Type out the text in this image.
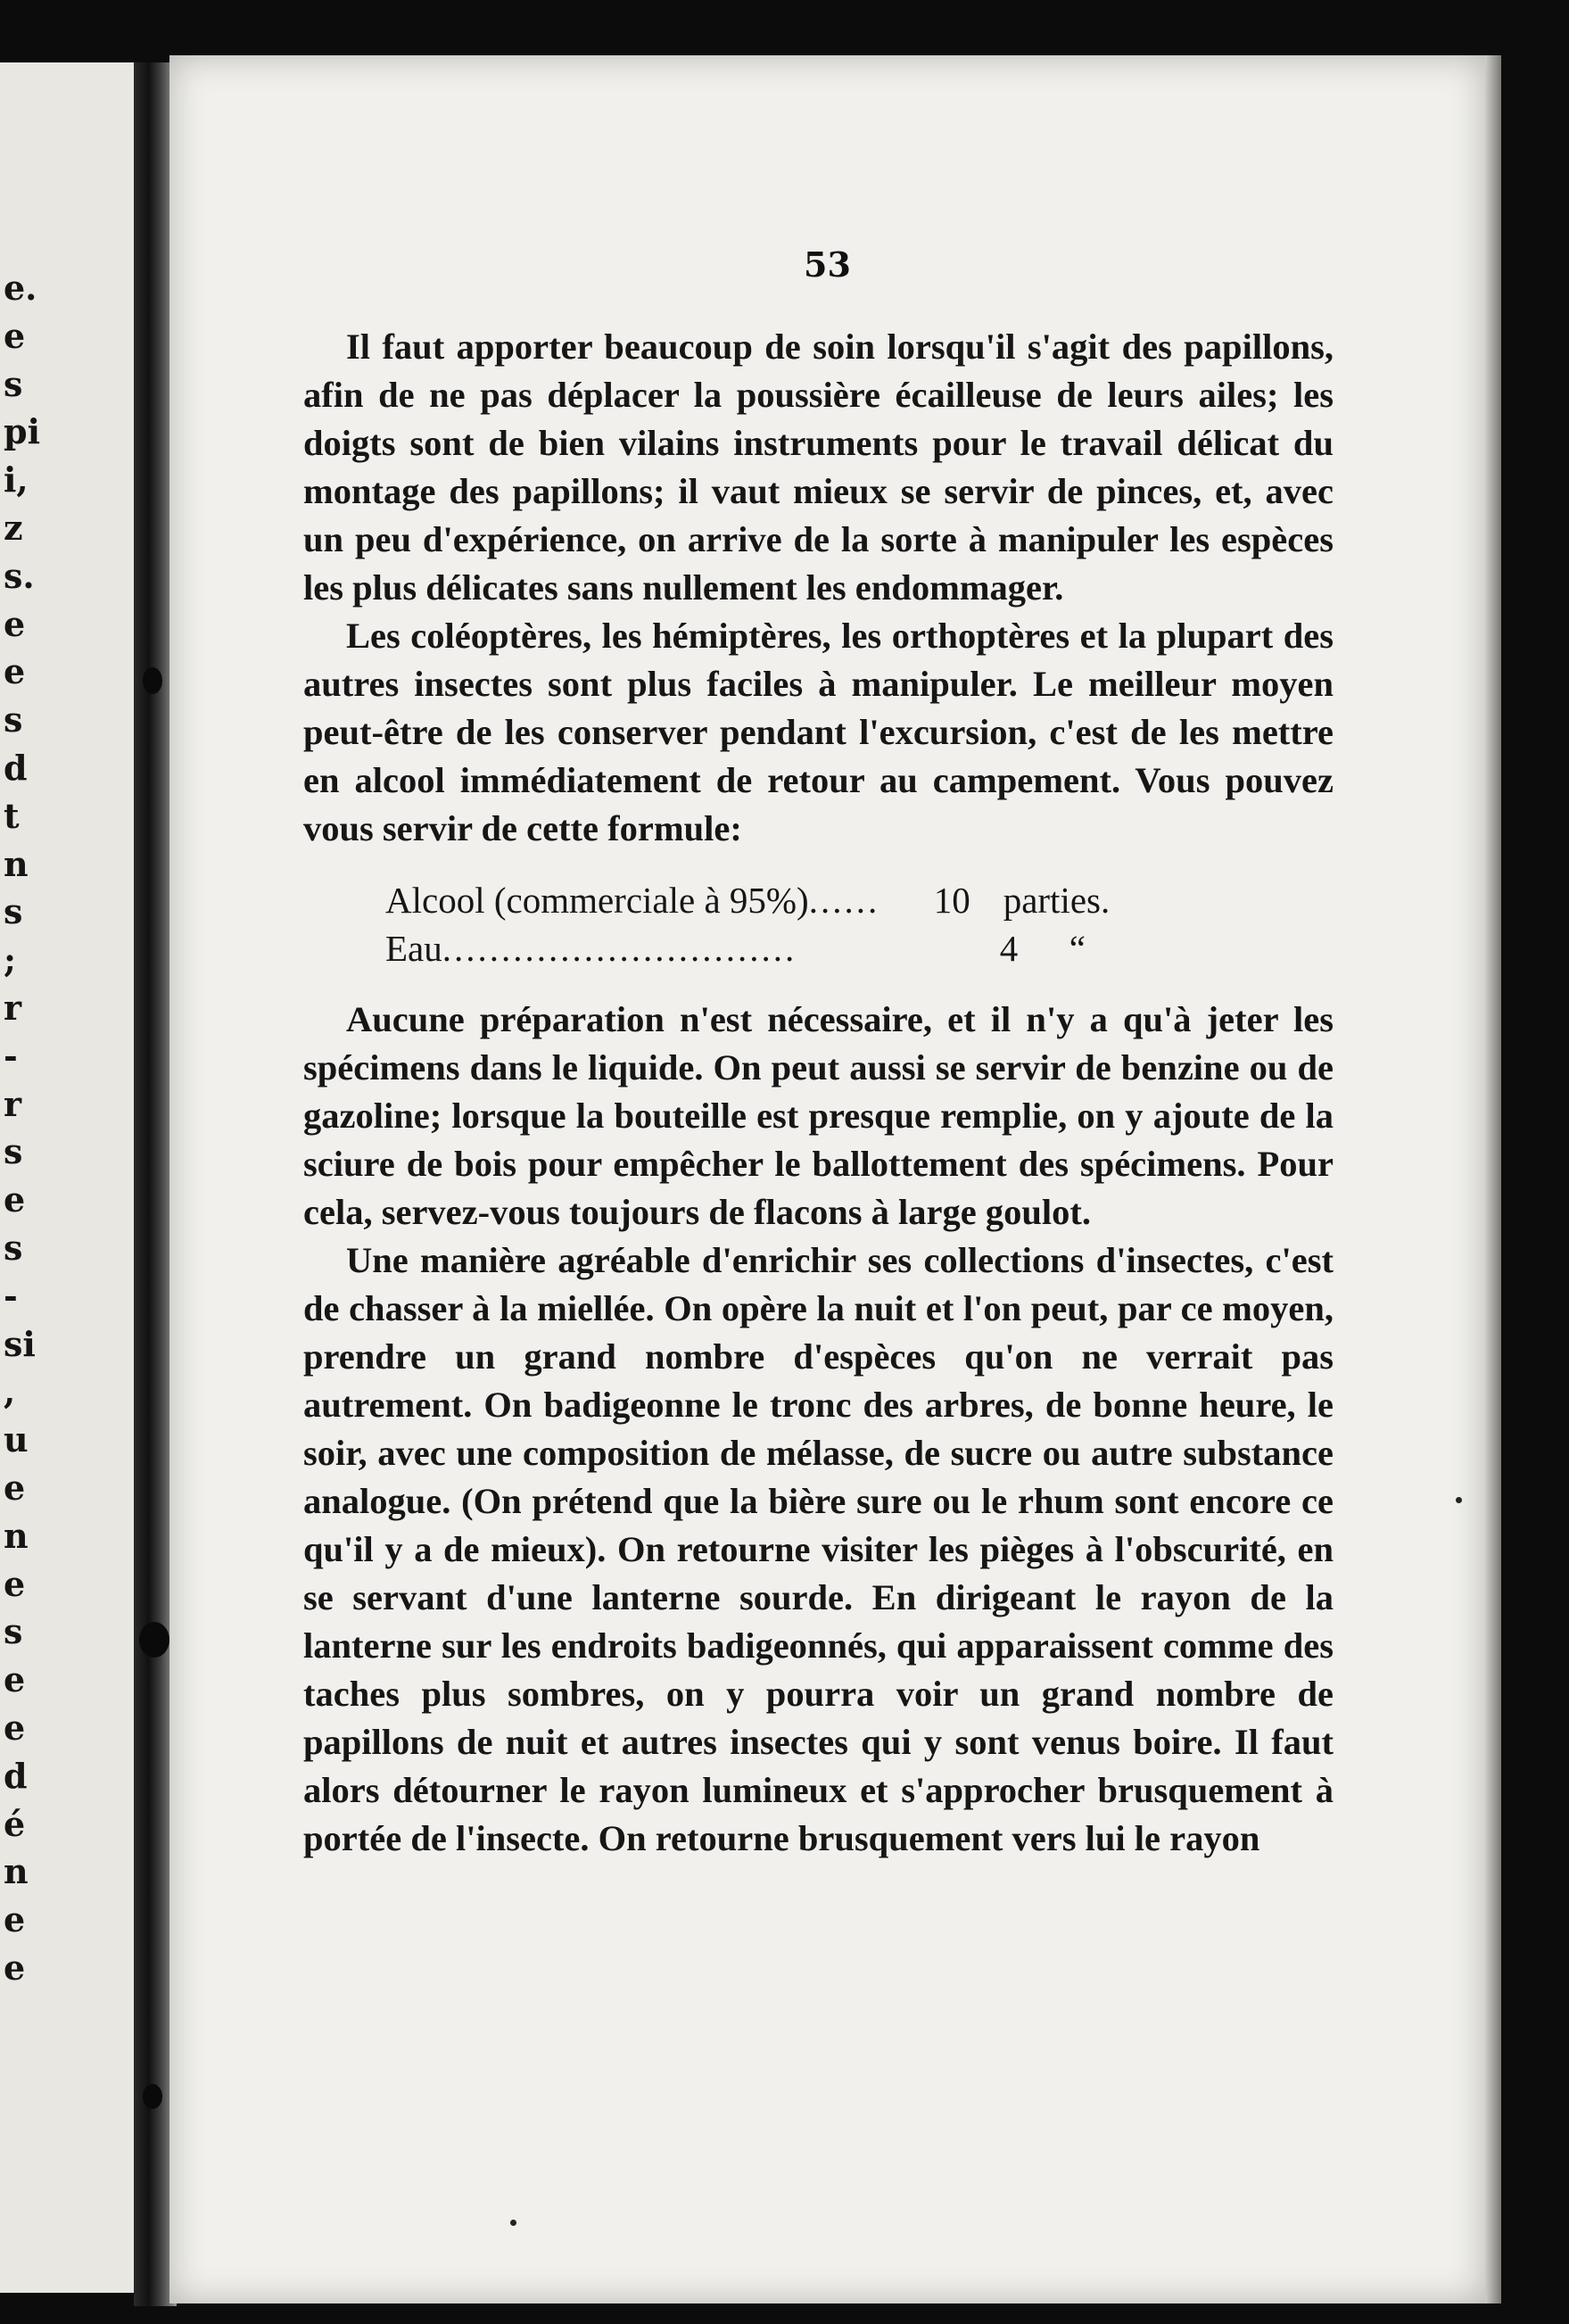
e.
e
s
pi
i,
z
s.
e
e
s
d
t
n
s
;
r
-
r
s
e
s
-
si
,
u
e
n
e
s
e
e
d
é
n
e
e
53

Il faut apporter beaucoup de soin lorsqu'il s'agit des papillons, afin de ne pas déplacer la poussière écailleuse de leurs ailes; les doigts sont de bien vilains instruments pour le travail délicat du montage des papillons; il vaut mieux se servir de pinces, et, avec un peu d'expérience, on arrive de la sorte à manipuler les espèces les plus délicates sans nullement les endommager.

Les coléoptères, les hémiptères, les orthoptères et la plupart des autres insectes sont plus faciles à manipuler. Le meilleur moyen peut-être de les conserver pendant l'excursion, c'est de les mettre en alcool immédiatement de retour au campement. Vous pouvez vous servir de cette formule:

Alcool (commerciale à 95%) ......	10 parties.
Eau ..............................	4	“

Aucune préparation n'est nécessaire, et il n'y a qu'à jeter les spécimens dans le liquide. On peut aussi se servir de benzine ou de gazoline; lorsque la bouteille est presque remplie, on y ajoute de la sciure de bois pour empêcher le ballottement des spécimens. Pour cela, servez-vous toujours de flacons à large goulot.

Une manière agréable d'enrichir ses collections d'insectes, c'est de chasser à la miellée. On opère la nuit et l'on peut, par ce moyen, prendre un grand nombre d'espèces qu'on ne verrait pas autrement. On badigeonne le tronc des arbres, de bonne heure, le soir, avec une composition de mélasse, de sucre ou autre substance analogue. (On prétend que la bière sure ou le rhum sont encore ce qu'il y a de mieux). On retourne visiter les pièges à l'obscurité, en se servant d'une lanterne sourde. En dirigeant le rayon de la lanterne sur les endroits badigeonnés, qui apparaissent comme des taches plus sombres, on y pourra voir un grand nombre de papillons de nuit et autres insectes qui y sont venus boire. Il faut alors détourner le rayon lumineux et s'approcher brusquement à portée de l'insecte. On retourne brusquement vers lui le rayon
